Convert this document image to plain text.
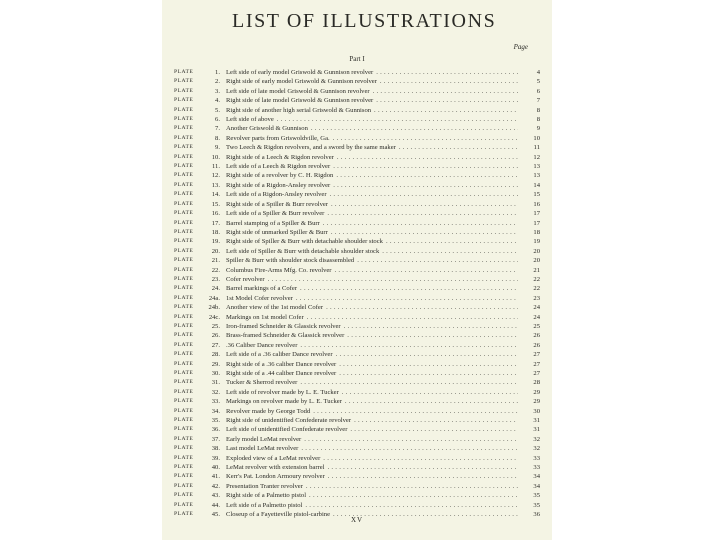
LIST OF ILLUSTRATIONS
Page
Part I
PLATE	1. Left side of early model Griswold & Gunnison revolver . . .	4
PLATE	2. Right side of early model Griswold & Gunnison revolver . . .	5
PLATE	3. Left side of late model Griswold & Gunnison revolver . . .	6
PLATE	4. Right side of late model Griswold & Gunnison revolver . . .	7
PLATE	5. Right side of another high serial Griswold & Gunnison . . .	8
PLATE	6. Left side of above . . .	8
PLATE	7. Another Griswold & Gunnison . . .	9
PLATE	8. Revolver parts from Griswoldville, Ga. . . .	10
PLATE	9. Two Leech & Rigdon revolvers, and a sword by the same maker . . .	11
PLATE	10. Right side of a Leech & Rigdon revolver . . .	12
PLATE	11. Left side of a Leech & Rigdon revolver . . .	13
PLATE	12. Right side of a revolver by C. H. Rigdon . . .	13
PLATE	13. Right side of a Rigdon-Ansley revolver . . .	14
PLATE	14. Left side of a Rigdon-Ansley revolver . . .	15
PLATE	15. Right side of a Spiller & Burr revolver . . .	16
PLATE	16. Left side of a Spiller & Burr revolver . . .	17
PLATE	17. Barrel stamping of a Spiller & Burr . . .	17
PLATE	18. Right side of unmarked Spiller & Burr . . .	18
PLATE	19. Right side of Spiller & Burr with detachable shoulder stock . . .	19
PLATE	20. Left side of Spiller & Burr with detachable shoulder stock . . .	20
PLATE	21. Spiller & Burr with shoulder stock disassembled . . .	20
PLATE	22. Columbus Fire-Arms Mfg. Co. revolver . . .	21
PLATE	23. Cofer revolver . . .	22
PLATE	24. Barrel markings of a Cofer . . .	22
PLATE 24a. 1st Model Cofer revolver . . .	23
PLATE 24b. Another view of the 1st model Cofer . . .	24
PLATE 24c. Markings on 1st model Cofer . . .	24
PLATE	25. Iron-framed Schneider & Glassick revolver . . .	25
PLATE	26. Brass-framed Schneider & Glassick revolver . . .	26
PLATE	27. .36 Caliber Dance revolver . . .	26
PLATE	28. Left side of a .36 caliber Dance revolver . . .	27
PLATE	29. Right side of a .36 caliber Dance revolver . . .	27
PLATE	30. Right side of a .44 caliber Dance revolver . . .	27
PLATE	31. Tucker & Sherrod revolver . . .	28
PLATE	32. Left side of revolver made by L. E. Tucker . . .	29
PLATE	33. Markings on revolver made by L. E. Tucker . . .	29
PLATE	34. Revolver made by George Todd . . .	30
PLATE	35. Right side of unidentified Confederate revolver . . .	31
PLATE	36. Left side of unidentified Confederate revolver . . .	31
PLATE	37. Early model LeMat revolver . . .	32
PLATE	38. Last model LeMat revolver . . .	32
PLATE	39. Exploded view of a LeMat revolver . . .	33
PLATE	40. LeMat revolver with extension barrel . . .	33
PLATE	41. Kerr's Pat. London Armoury revolver . . .	34
PLATE	42. Presentation Tranter revolver . . .	34
PLATE	43. Right side of a Palmetto pistol . . .	35
PLATE	44. Left side of a Palmetto pistol . . .	35
PLATE	45. Closeup of a Fayetteville pistol-carbine . . .	36
XV
